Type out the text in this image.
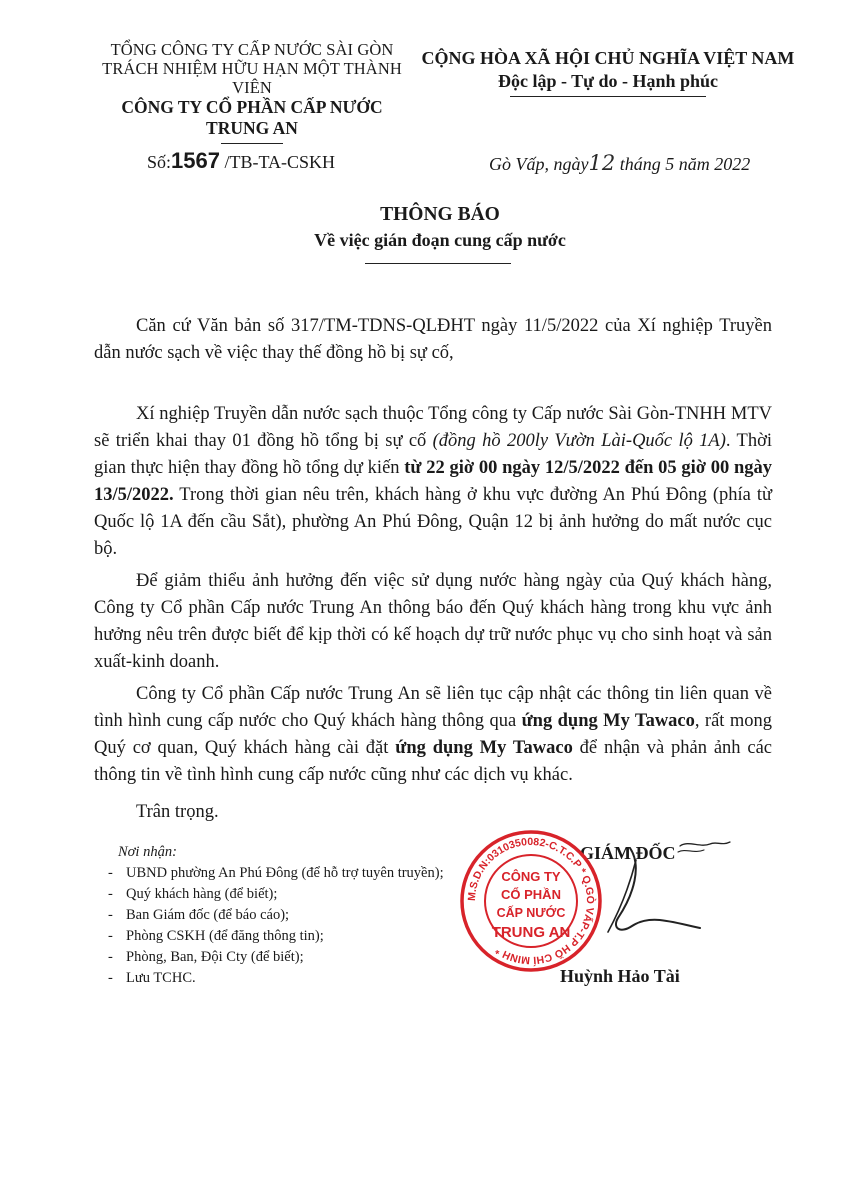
TỔNG CÔNG TY CẤP NƯỚC SÀI GÒN
TRÁCH NHIỆM HỮU HẠN MỘT THÀNH VIÊN
CÔNG TY CỔ PHẦN CẤP NƯỚC
TRUNG AN
CỘNG HÒA XÃ HỘI CHỦ NGHĨA VIỆT NAM
Độc lập - Tự do - Hạnh phúc
Số:1567 /TB-TA-CSKH	Gò Vấp, ngày12 tháng 5 năm 2022
THÔNG BÁO
Về việc gián đoạn cung cấp nước

Căn cứ Văn bản số 317/TM-TDNS-QLĐHT ngày 11/5/2022 của Xí nghiệp Truyền dẫn nước sạch về việc thay thế đồng hồ bị sự cố,

Xí nghiệp Truyền dẫn nước sạch thuộc Tổng công ty Cấp nước Sài Gòn-TNHH MTV sẽ triển khai thay 01 đồng hồ tổng bị sự cố (đồng hồ 200ly Vườn Lài-Quốc lộ 1A). Thời gian thực hiện thay đồng hồ tổng dự kiến từ 22 giờ 00 ngày 12/5/2022 đến 05 giờ 00 ngày 13/5/2022. Trong thời gian nêu trên, khách hàng ở khu vực đường An Phú Đông (phía từ Quốc lộ 1A đến cầu Sắt), phường An Phú Đông, Quận 12 bị ảnh hưởng do mất nước cục bộ.

Để giảm thiểu ảnh hưởng đến việc sử dụng nước hàng ngày của Quý khách hàng, Công ty Cổ phần Cấp nước Trung An thông báo đến Quý khách hàng trong khu vực ảnh hưởng nêu trên được biết để kịp thời có kế hoạch dự trữ nước phục vụ cho sinh hoạt và sản xuất-kinh doanh.

Công ty Cổ phần Cấp nước Trung An sẽ liên tục cập nhật các thông tin liên quan về tình hình cung cấp nước cho Quý khách hàng thông qua ứng dụng My Tawaco, rất mong Quý cơ quan, Quý khách hàng cài đặt ứng dụng My Tawaco để nhận và phản ảnh các thông tin về tình hình cung cấp nước cũng như các dịch vụ khác.

Trân trọng.
Nơi nhận:
- UBND phường An Phú Đông (để hỗ trợ tuyên truyền);
- Quý khách hàng (để biết);
- Ban Giám đốc (để báo cáo);
- Phòng CSKH (để đăng thông tin);
- Phòng, Ban, Đội Cty (để biết);
- Lưu TCHC.
GIÁM ĐỐC
M.S.D.N:0310350082-C.T.C.P * Q.GÒ VẤP-T.P HỒ CHÍ MINH *
CÔNG TY
CỔ PHẦN
CẤP NƯỚC
TRUNG AN
Huỳnh Hảo Tài
